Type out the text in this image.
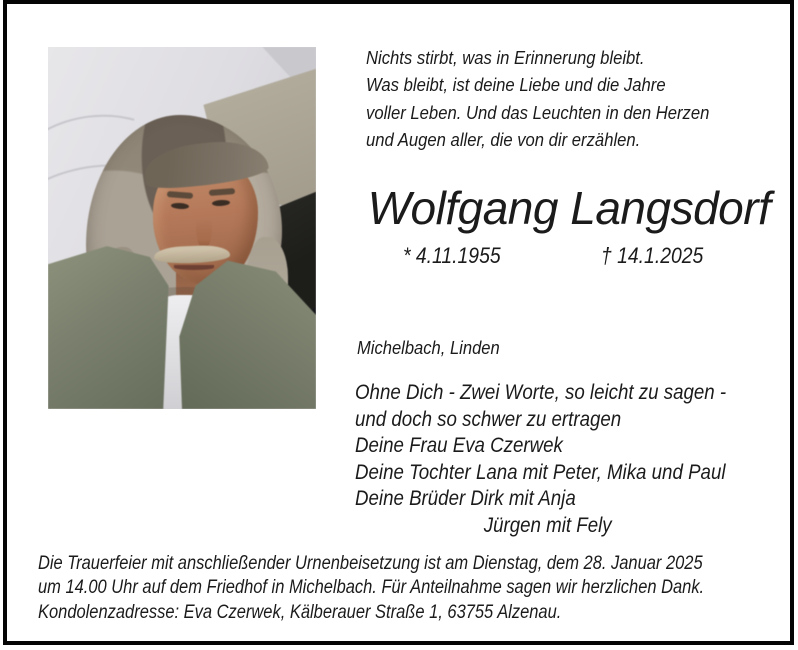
Nichts stirbt, was in Erinnerung bleibt.
Was bleibt, ist deine Liebe und die Jahre
voller Leben. Und das Leuchten in den Herzen
und Augen aller, die von dir erzählen.
Wolfgang Langsdorf
* 4.11.1955	† 14.1.2025
Michelbach, Linden
Ohne Dich - Zwei Worte, so leicht zu sagen -
und doch so schwer zu ertragen
Deine Frau Eva Czerwek
Deine Tochter Lana mit Peter, Mika und Paul
Deine Brüder Dirk mit Anja
Jürgen mit Fely
Die Trauerfeier mit anschließender Urnenbeisetzung ist am Dienstag, dem 28. Januar 2025
um 14.00 Uhr auf dem Friedhof in Michelbach. Für Anteilnahme sagen wir herzlichen Dank.
Kondolenzadresse: Eva Czerwek, Kälberauer Straße 1, 63755 Alzenau.
